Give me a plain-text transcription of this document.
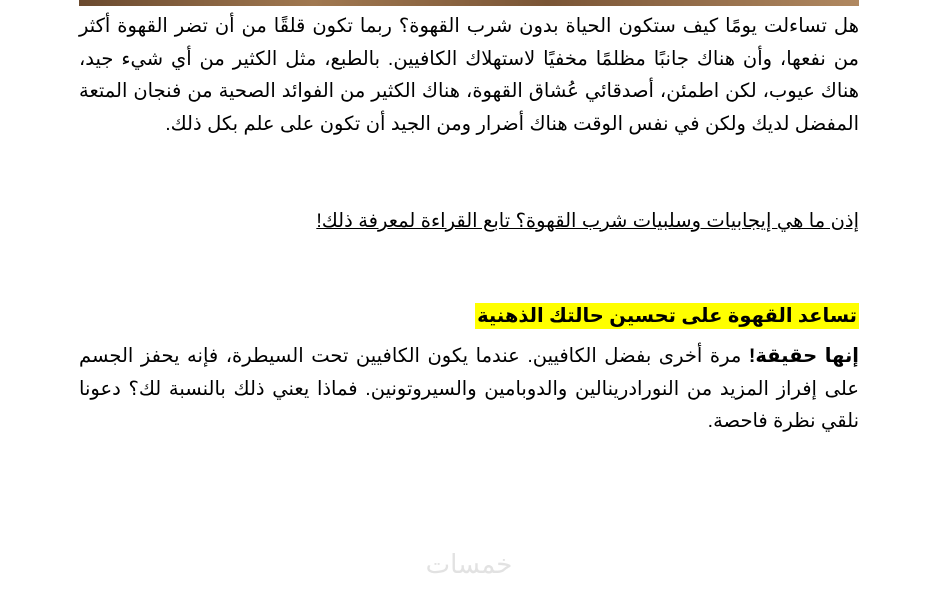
هل تساءلت يومًا كيف ستكون الحياة بدون شرب القهوة؟ ربما تكون قلقًا من أن تضر القهوة أكثر من نفعها، وأن هناك جانبًا مظلمًا مخفيًا لاستهلاك الكافيين. بالطبع، مثل الكثير من أي شيء جيد، هناك عيوب، لكن اطمئن، أصدقائي عُشاق القهوة، هناك الكثير من الفوائد الصحية من فنجان المتعة المفضل لديك ولكن في نفس الوقت هناك أضرار ومن الجيد أن تكون على علم بكل ذلك.

إذن ما هي إيجابيات وسلبيات شرب القهوة؟ تابع القراءة لمعرفة ذلك!

تساعد القهوة على تحسين حالتك الذهنية

إنها حقيقة! مرة أخرى بفضل الكافيين. عندما يكون الكافيين تحت السيطرة، فإنه يحفز الجسم على إفراز المزيد من النورادرينالين والدوبامين والسيروتونين. فماذا يعني ذلك بالنسبة لك؟ دعونا نلقي نظرة فاحصة.

خمسات
